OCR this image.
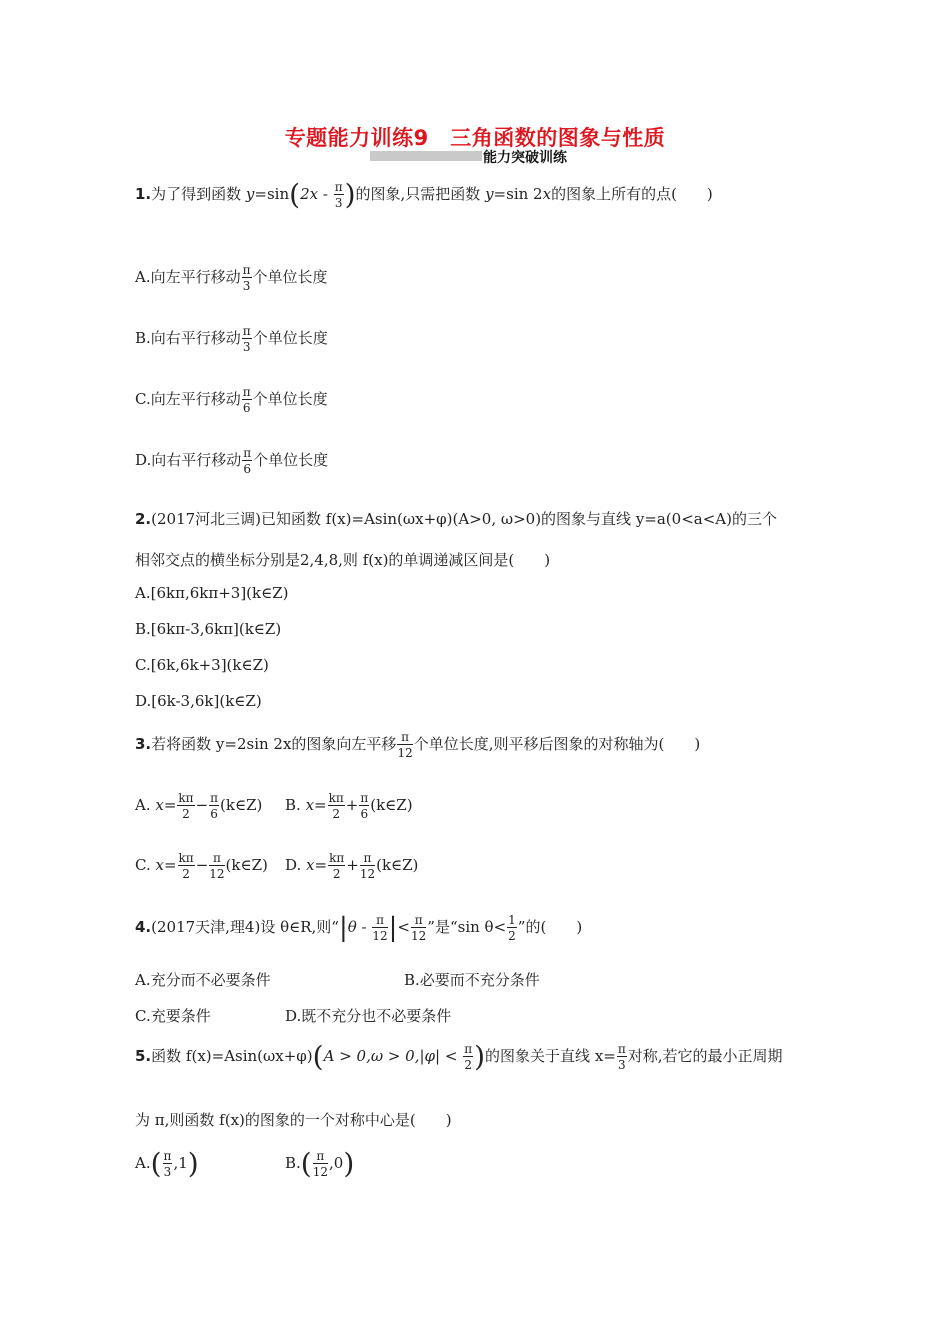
专题能力训练9　三角函数的图象与性质
能力突破训练
1.为了得到函数 $y=\sin(2x - \frac{\pi}{3}$ )的图象,只需把函数 y=sin 2x的图象上所有的点(　　)
A.向左平行移动 $\frac{\pi}{3}$ 个单位长度
B.向右平行移动 $\frac{\pi}{3}$ 个单位长度
C.向左平行移动 $\frac{\pi}{6}$ 个单位长度
D.向右平行移动 $\frac{\pi}{6}$ 个单位长度
2.(2017河北三调)已知函数 f(x)=Asin(ωx+φ)(A>0, ω>0)的图象与直线 y=a(0<a<A)的三个
相邻交点的横坐标分别是2,4,8,则 f(x)的单调递减区间是(　　)
A.[6kπ,6kπ+3](k∈Z)
B.[6kπ-3,6kπ](k∈Z)
C.[6k,6k+3](k∈Z)
D.[6k-3,6k](k∈Z)
3.若将函数 y=2sin 2x的图象向左平移 $\frac{\pi}{12}$ 个单位长度,则平移后图象的对称轴为(　　)
A. $x= \frac{k\pi}{2} - \frac{\pi}{6}$ (k∈Z) B. $x= \frac{k\pi}{2} + \frac{\pi}{6}$ (k∈Z)
C. $x= \frac{k\pi}{2} - \frac{\pi}{12}$ (k∈Z) D. $x= \frac{k\pi}{2} + \frac{\pi}{12}$ (k∈Z)
4.(2017天津,理4)设 θ∈R,则“$|\theta - \frac{\pi}{12}$ |< $\frac{\pi}{12}$ ”是“sin $\theta< \frac{1}{2}$ ”的(　　)
A.充分而不必要条件	B.必要而不充分条件
C.充要条件	D.既不充分也不必要条件
5.函数 $f(x)=Asin(\omega x+\varphi)(A > 0,\omega > 0,|\varphi| < \frac{\pi}{2}$ )的图象关于直线 $x= \frac{\pi}{3}$ 对称,若它的最小正周期
为 π,则函数 f(x)的图象的一个对称中心是(　　)
$A.( \frac{\pi}{3} ,1)$	$B.( \frac{\pi}{12} ,0)$
